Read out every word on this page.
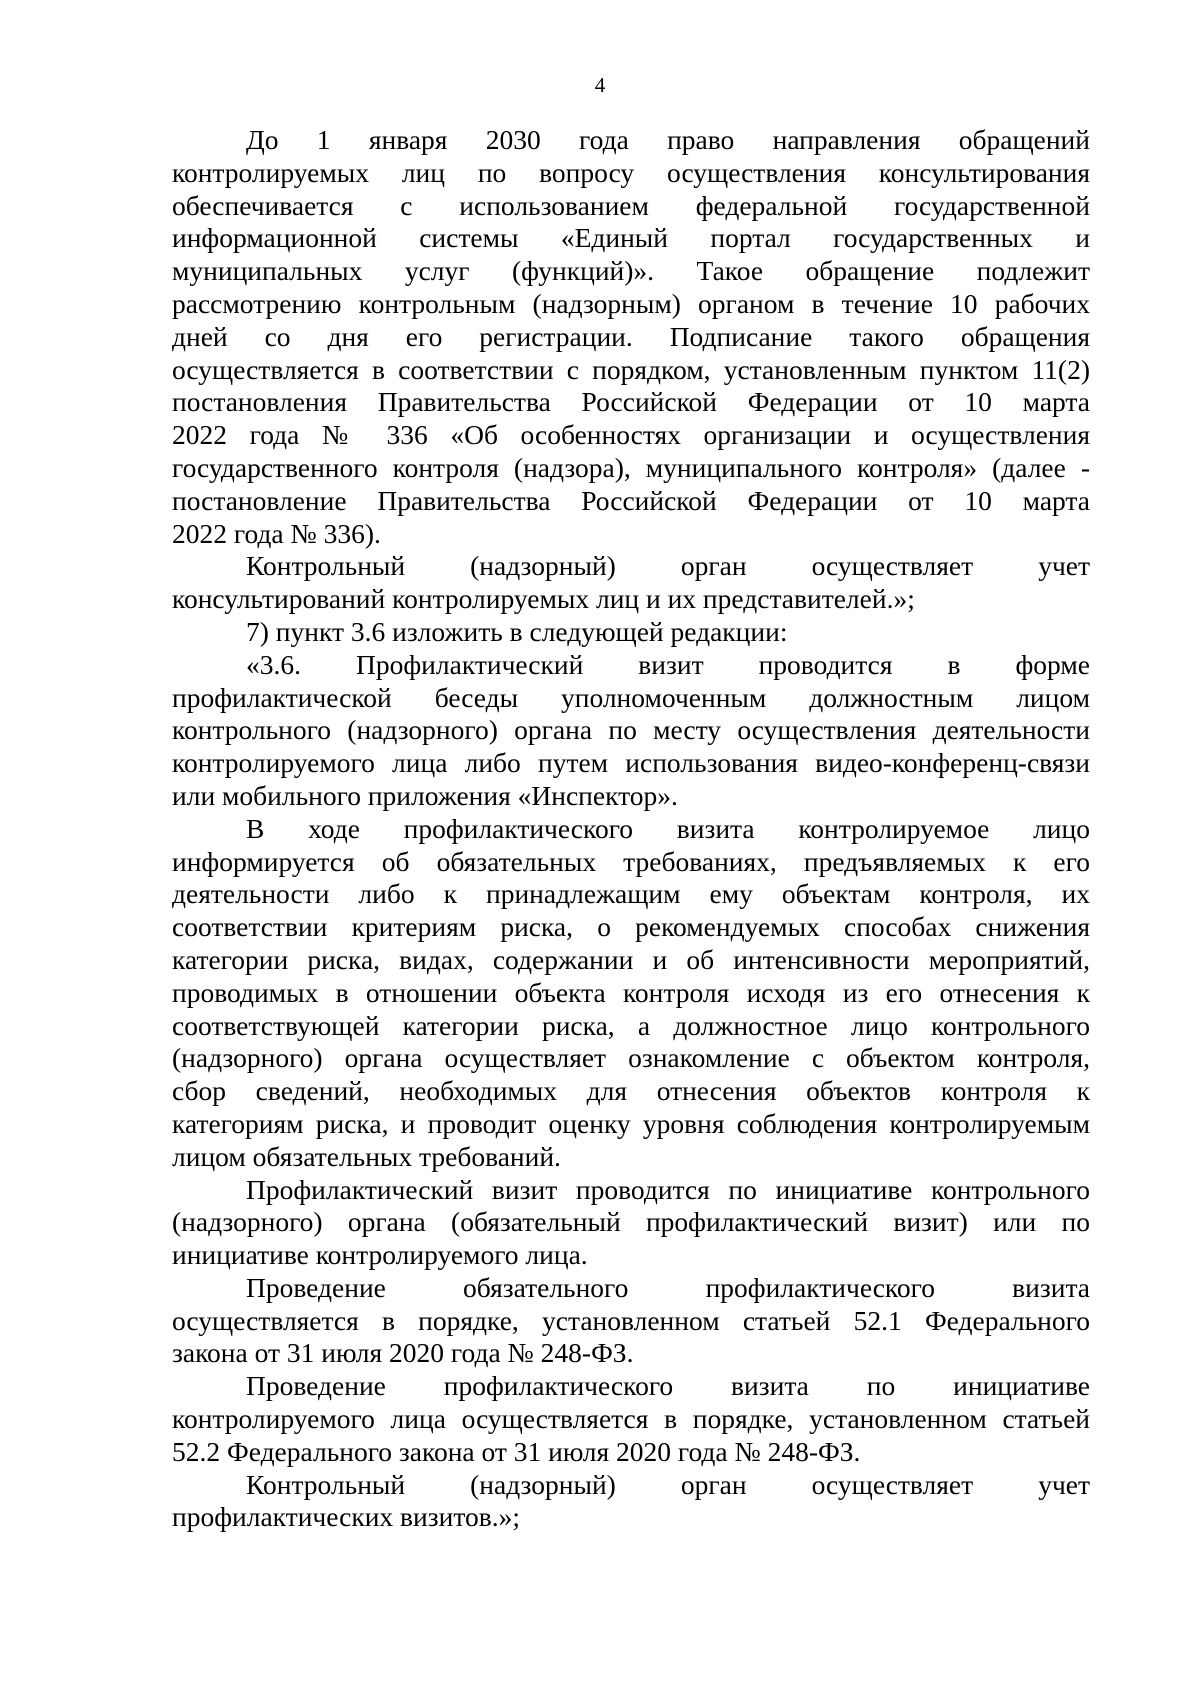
4
До 1 января 2030 года право направления обращений
контролируемых лиц по вопросу осуществления консультирования
обеспечивается с использованием федеральной государственной
информационной системы «Единый портал государственных и
муниципальных услуг (функций)». Такое обращение подлежит
рассмотрению контрольным (надзорным) органом в течение 10 рабочих
дней со дня его регистрации. Подписание такого обращения
осуществляется в соответствии с порядком, установленным пунктом 11(2)
постановления Правительства Российской Федерации от 10 марта
2022 года № 336 «Об особенностях организации и осуществления
государственного контроля (надзора), муниципального контроля» (далее -
постановление Правительства Российской Федерации от 10 марта
2022 года № 336).
Контрольный (надзорный) орган осуществляет учет
консультирований контролируемых лиц и их представителей.»;
7) пункт 3.6 изложить в следующей редакции:
«3.6. Профилактический визит проводится в форме
профилактической беседы уполномоченным должностным лицом
контрольного (надзорного) органа по месту осуществления деятельности
контролируемого лица либо путем использования видео-конференц-связи
или мобильного приложения «Инспектор».
В ходе профилактического визита контролируемое лицо
информируется об обязательных требованиях, предъявляемых к его
деятельности либо к принадлежащим ему объектам контроля, их
соответствии критериям риска, о рекомендуемых способах снижения
категории риска, видах, содержании и об интенсивности мероприятий,
проводимых в отношении объекта контроля исходя из его отнесения к
соответствующей категории риска, а должностное лицо контрольного
(надзорного) органа осуществляет ознакомление с объектом контроля,
сбор сведений, необходимых для отнесения объектов контроля к
категориям риска, и проводит оценку уровня соблюдения контролируемым
лицом обязательных требований.
Профилактический визит проводится по инициативе контрольного
(надзорного) органа (обязательный профилактический визит) или по
инициативе контролируемого лица.
Проведение обязательного профилактического визита
осуществляется в порядке, установленном статьей 52.1 Федерального
закона от 31 июля 2020 года № 248-ФЗ.
Проведение профилактического визита по инициативе
контролируемого лица осуществляется в порядке, установленном статьей
52.2 Федерального закона от 31 июля 2020 года № 248-ФЗ.
Контрольный (надзорный) орган осуществляет учет
профилактических визитов.»;
